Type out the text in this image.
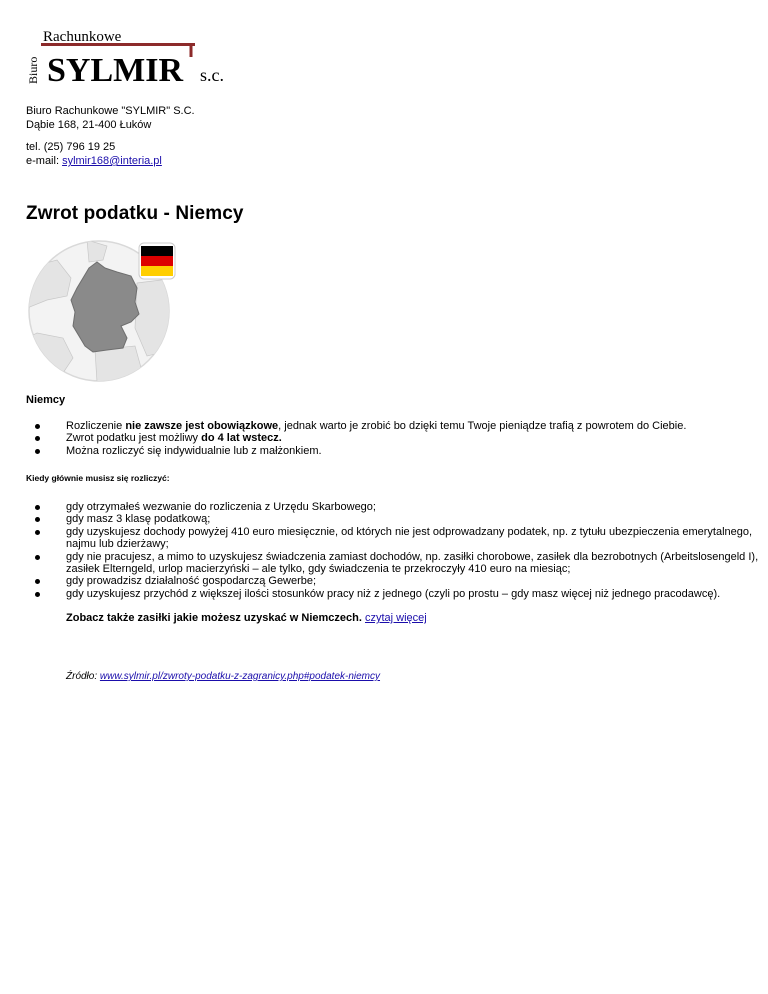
Rachunkowe
Biuro SYLMIR s.c.
Biuro Rachunkowe "SYLMIR" S.C.
Dąbie 168, 21-400 Łuków
tel. (25) 796 19 25
e-mail: sylmir168@interia.pl
Zwrot podatku - Niemcy
Niemcy
Rozliczenie nie zawsze jest obowiązkowe, jednak warto je zrobić bo dzięki temu Twoje pieniądze trafią z powrotem do Ciebie.
Zwrot podatku jest możliwy do 4 lat wstecz.
Można rozliczyć się indywidualnie lub z małżonkiem.
Kiedy głównie musisz się rozliczyć:
gdy otrzymałeś wezwanie do rozliczenia z Urzędu Skarbowego;
gdy masz 3 klasę podatkową;
gdy uzyskujesz dochody powyżej 410 euro miesięcznie, od których nie jest odprowadzany podatek, np. z tytułu ubezpieczenia emerytalnego, najmu lub dzierżawy;
gdy nie pracujesz, a mimo to uzyskujesz świadczenia zamiast dochodów, np. zasiłki chorobowe, zasiłek dla bezrobotnych (Arbeitslosengeld I), zasiłek Elterngeld, urlop macierzyński – ale tylko, gdy świadczenia te przekroczyły 410 euro na miesiąc;
gdy prowadzisz działalność gospodarczą Gewerbe;
gdy uzyskujesz przychód z większej ilości stosunków pracy niż z jednego (czyli po prostu – gdy masz więcej niż jednego pracodawcę).
Zobacz także zasiłki jakie możesz uzyskać w Niemczech. czytaj więcej
Źródło: www.sylmir.pl/zwroty-podatku-z-zagranicy.php#podatek-niemcy
